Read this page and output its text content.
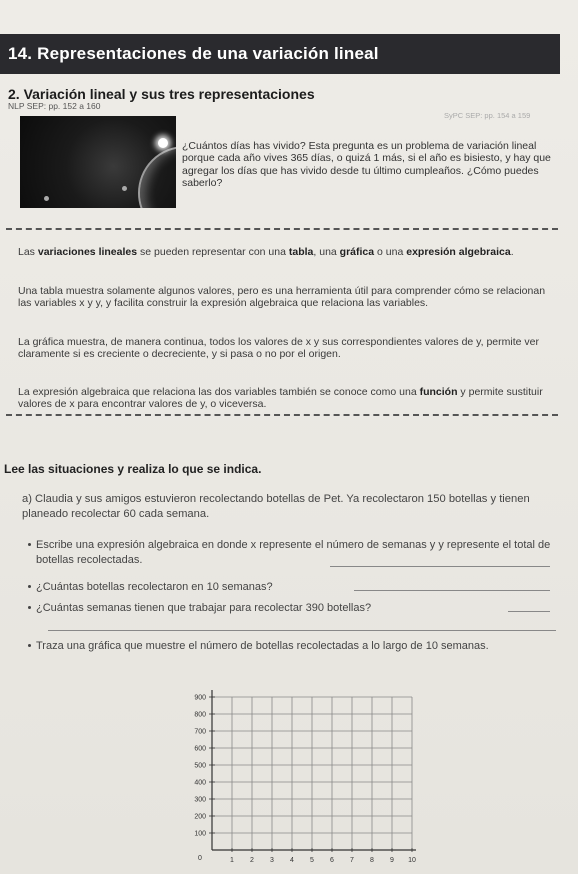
14. Representaciones de una variación lineal
2. Variación lineal y sus tres representaciones
NLP SEP: pp. 152 a 160
SyPC SEP: pp. 154 a 159
¿Cuántos días has vivido? Esta pregunta es un problema de variación lineal porque cada año vives 365 días, o quizá 1 más, si el año es bisiesto, y hay que agregar los días que has vivido desde tu último cumpleaños. ¿Cómo puedes saberlo?
Las variaciones lineales se pueden representar con una tabla, una gráfica o una expresión algebraica.
Una tabla muestra solamente algunos valores, pero es una herramienta útil para comprender cómo se relacionan las variables x y y, y facilita construir la expresión algebraica que relaciona las variables.
La gráfica muestra, de manera continua, todos los valores de x y sus correspondientes valores de y, permite ver claramente si es creciente o decreciente, y si pasa o no por el origen.
La expresión algebraica que relaciona las dos variables también se conoce como una función y permite sustituir valores de x para encontrar valores de y, o viceversa.
Lee las situaciones y realiza lo que se indica.
a) Claudia y sus amigos estuvieron recolectando botellas de Pet. Ya recolectaron 150 botellas y tienen planeado recolectar 60 cada semana.
Escribe una expresión algebraica en donde x represente el número de semanas y y represente el total de botellas recolectadas.
¿Cuántas botellas recolectaron en 10 semanas?
¿Cuántas semanas tienen que trabajar para recolectar 390 botellas?
Traza una gráfica que muestre el número de botellas recolectadas a lo largo de 10 semanas.
1 2 3 4 5 6 7 8 9 10
100
200
300
400
500
600
700
800
900
0
